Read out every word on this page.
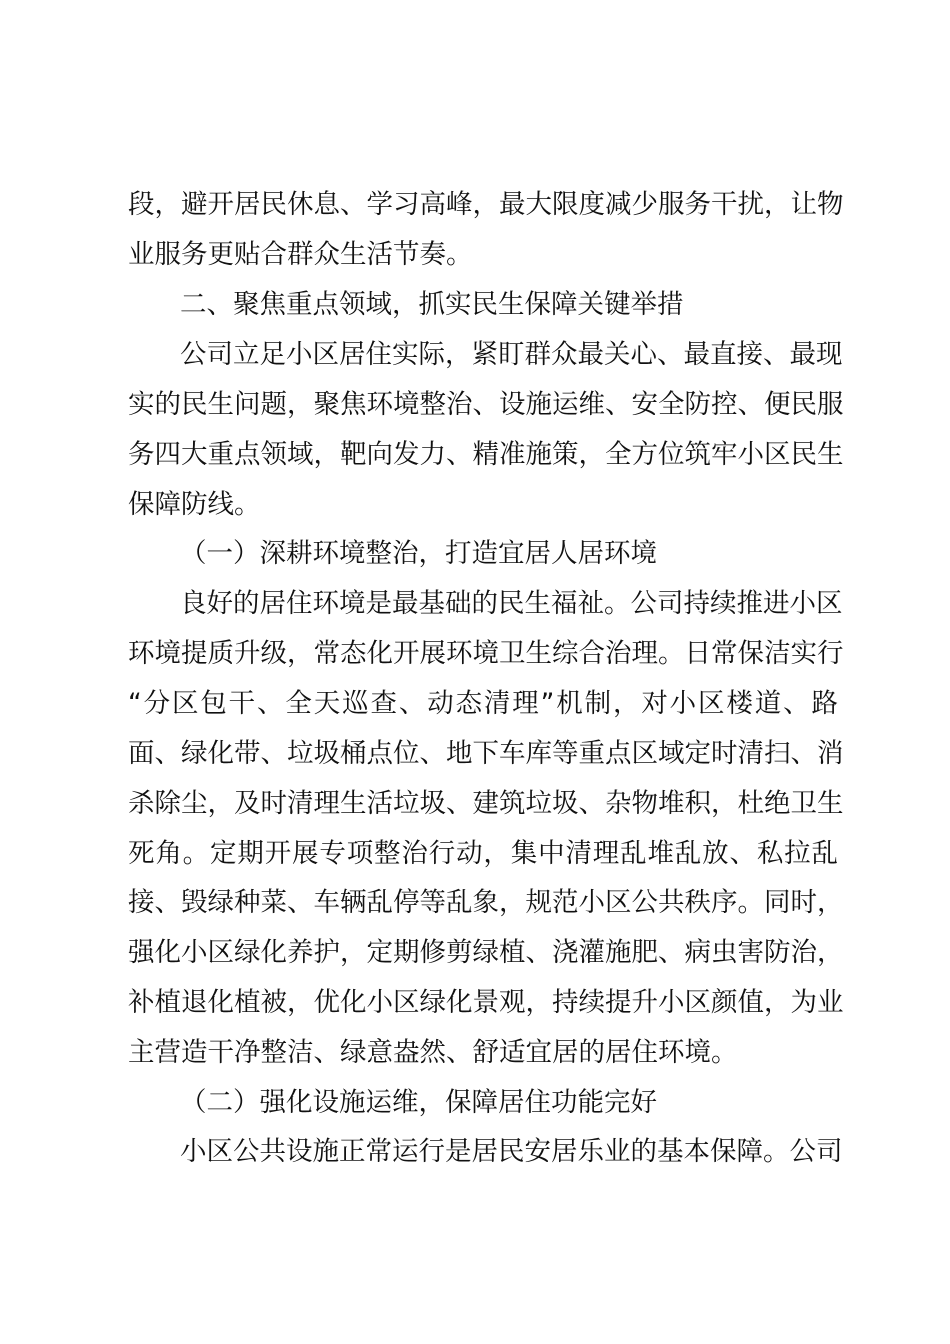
段，避开居民休息、学习高峰，最大限度减少服务干扰，让物
业服务更贴合群众生活节奏。
二、聚焦重点领域，抓实民生保障关键举措
公司立足小区居住实际，紧盯群众最关心、最直接、最现
实的民生问题，聚焦环境整治、设施运维、安全防控、便民服
务四大重点领域，靶向发力、精准施策，全方位筑牢小区民生
保障防线。
（一）深耕环境整治，打造宜居人居环境
良好的居住环境是最基础的民生福祉。公司持续推进小区
环境提质升级，常态化开展环境卫生综合治理。日常保洁实行
“分区包干、全天巡查、动态清理”机制，对小区楼道、路
面、绿化带、垃圾桶点位、地下车库等重点区域定时清扫、消
杀除尘，及时清理生活垃圾、建筑垃圾、杂物堆积，杜绝卫生
死角。定期开展专项整治行动，集中清理乱堆乱放、私拉乱
接、毁绿种菜、车辆乱停等乱象，规范小区公共秩序。同时，
强化小区绿化养护，定期修剪绿植、浇灌施肥、病虫害防治，
补植退化植被，优化小区绿化景观，持续提升小区颜值，为业
主营造干净整洁、绿意盎然、舒适宜居的居住环境。
（二）强化设施运维，保障居住功能完好
小区公共设施正常运行是居民安居乐业的基本保障。公司
